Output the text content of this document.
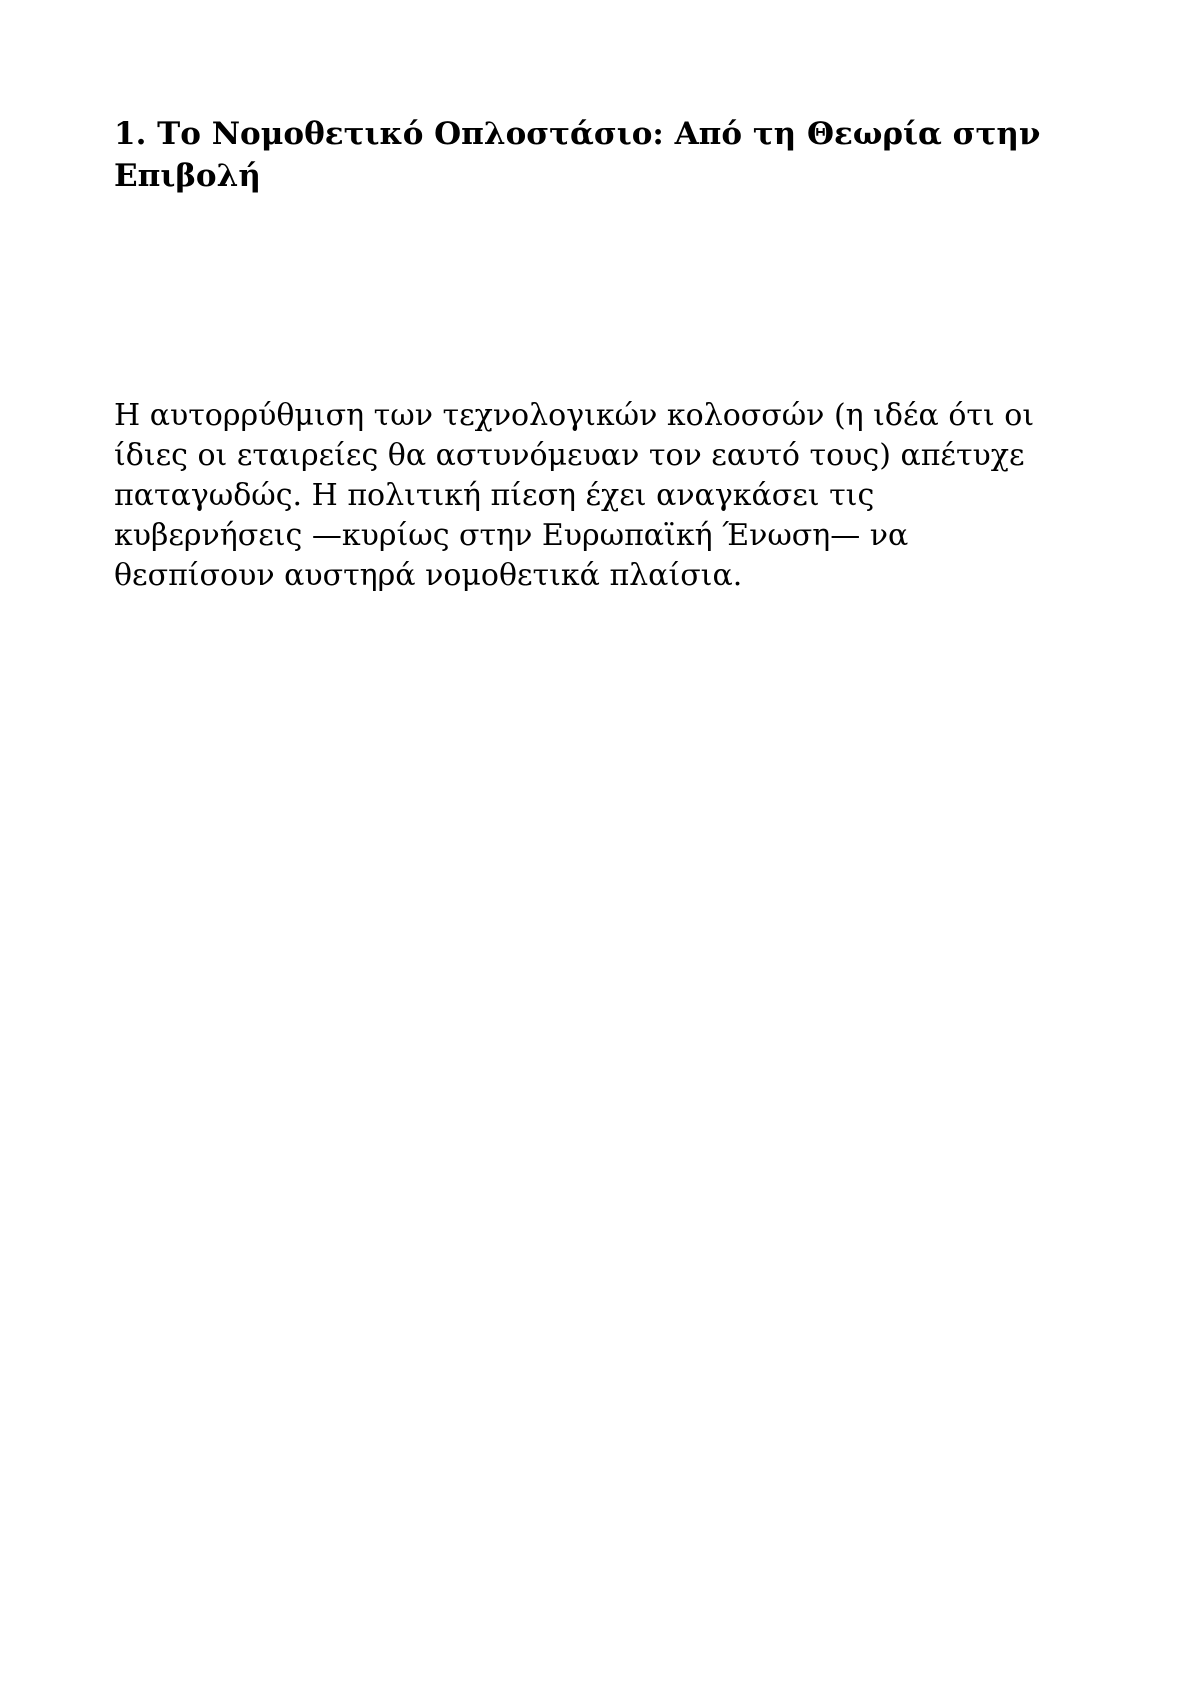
1. Το Νομοθετικό Οπλοστάσιο: Από τη Θεωρία στην
Επιβολή

Η αυτορρύθμιση των τεχνολογικών κολοσσών (η ιδέα ότι οι
ίδιες οι εταιρείες θα αστυνόμευαν τον εαυτό τους) απέτυχε
παταγωδώς. Η πολιτική πίεση έχει αναγκάσει τις
κυβερνήσεις —κυρίως στην Ευρωπαϊκή Ένωση— να
θεσπίσουν αυστηρά νομοθετικά πλαίσια.
